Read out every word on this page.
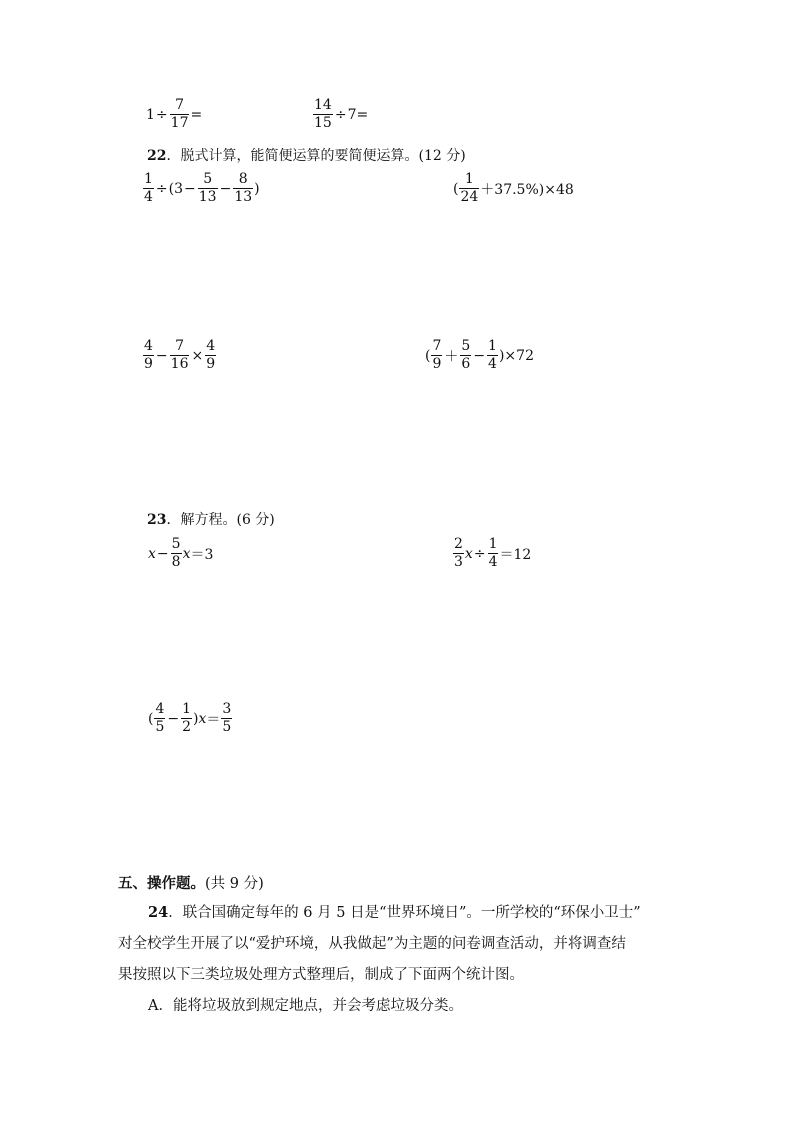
$1 \div \frac{7}{17}$ =	$\frac{14}{15} \div 7$ =
22．脱式计算，能简便运算的要简便运算。(12 分)
$\frac{1}{4} \div (3 - \frac{5}{13} - \frac{8}{13}$ )	( $\frac{1}{24} +37.5\%)\times 48$
$\frac{4}{9} - \frac{7}{16} \times \frac{4}{9}$	( $\frac{7}{9} + \frac{5}{6} - \frac{1}{4} )\times 72$
23．解方程。(6 分)
$x - \frac{5}{8}$ x ＝3	$\frac{2}{3}$ $x \div \frac{1}{4} =12$
( $\frac{4}{5} - \frac{1}{2}$ ) $x = \frac{3}{5}$
五、操作题。(共 9 分)
24．联合国确定每年的 6 月 5 日是“世界环境日”。一所学校的“环保小卫士”
对全校学生开展了以“爱护环境，从我做起”为主题的问卷调查活动，并将调查结
果按照以下三类垃圾处理方式整理后，制成了下面两个统计图。
A．能将垃圾放到规定地点，并会考虑垃圾分类。
